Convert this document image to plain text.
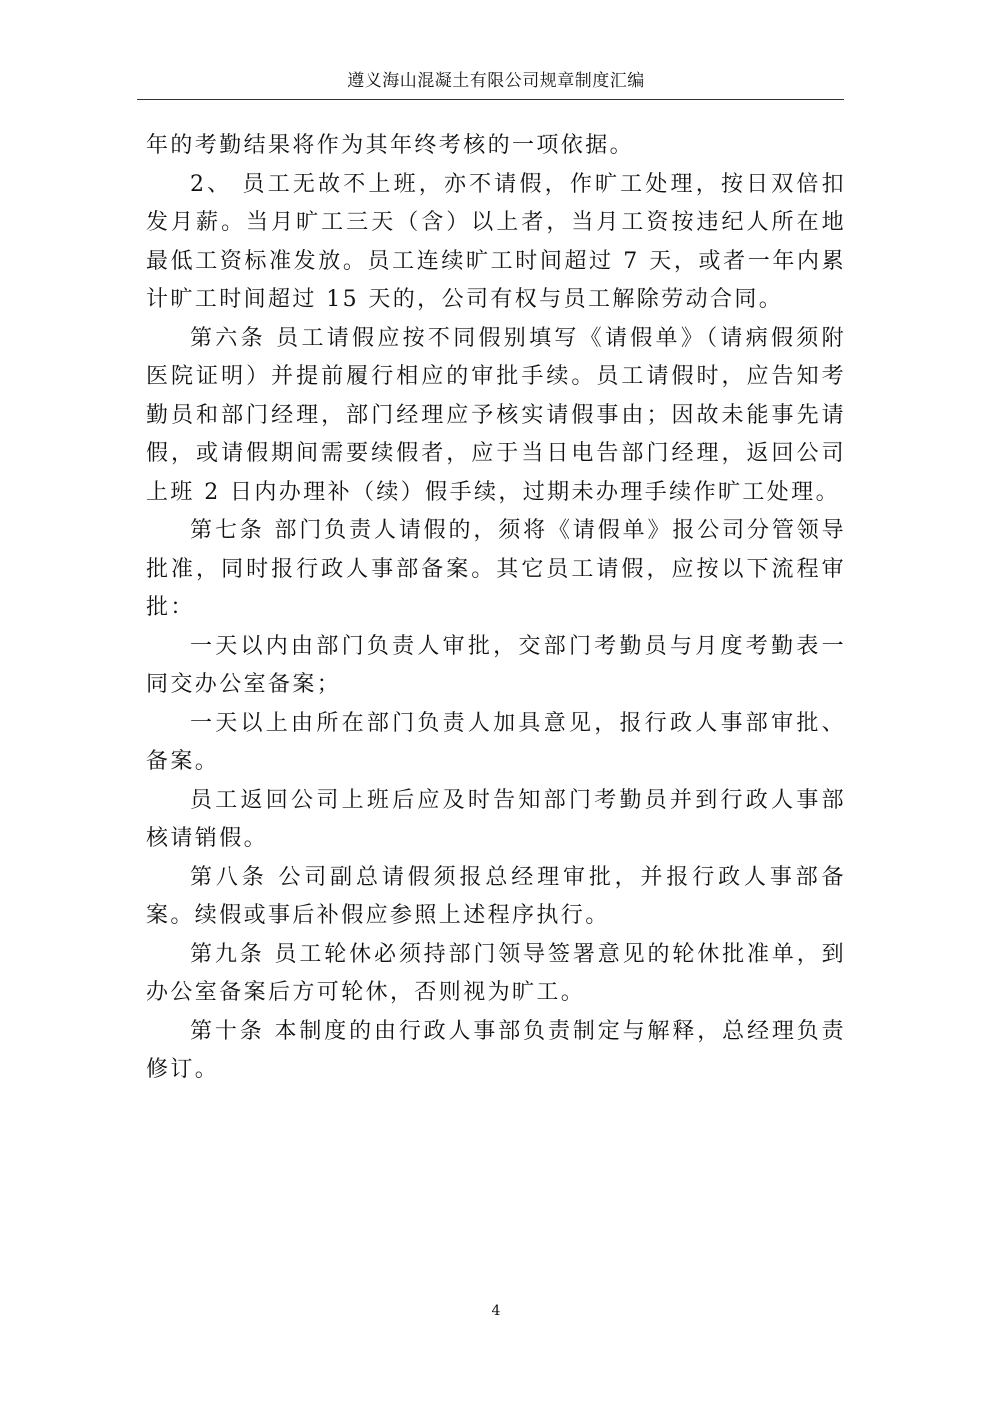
遵义海山混凝土有限公司规章制度汇编

年的考勤结果将作为其年终考核的一项依据。

2、 员工无故不上班，亦不请假，作旷工处理，按日双倍扣发月薪。当月旷工三天（含）以上者，当月工资按违纪人所在地最低工资标准发放。员工连续旷工时间超过 7 天，或者一年内累计旷工时间超过 15 天的，公司有权与员工解除劳动合同。

第六条 员工请假应按不同假别填写《请假单》（请病假须附医院证明）并提前履行相应的审批手续。员工请假时，应告知考勤员和部门经理，部门经理应予核实请假事由；因故未能事先请假，或请假期间需要续假者，应于当日电告部门经理，返回公司上班 2 日内办理补（续）假手续，过期未办理手续作旷工处理。

第七条 部门负责人请假的，须将《请假单》报公司分管领导批准，同时报行政人事部备案。其它员工请假，应按以下流程审批：

一天以内由部门负责人审批，交部门考勤员与月度考勤表一同交办公室备案；

一天以上由所在部门负责人加具意见，报行政人事部审批、备案。

员工返回公司上班后应及时告知部门考勤员并到行政人事部核请销假。

第八条 公司副总请假须报总经理审批，并报行政人事部备案。续假或事后补假应参照上述程序执行。

第九条 员工轮休必须持部门领导签署意见的轮休批准单，到办公室备案后方可轮休，否则视为旷工。

第十条 本制度的由行政人事部负责制定与解释，总经理负责修订。

4
